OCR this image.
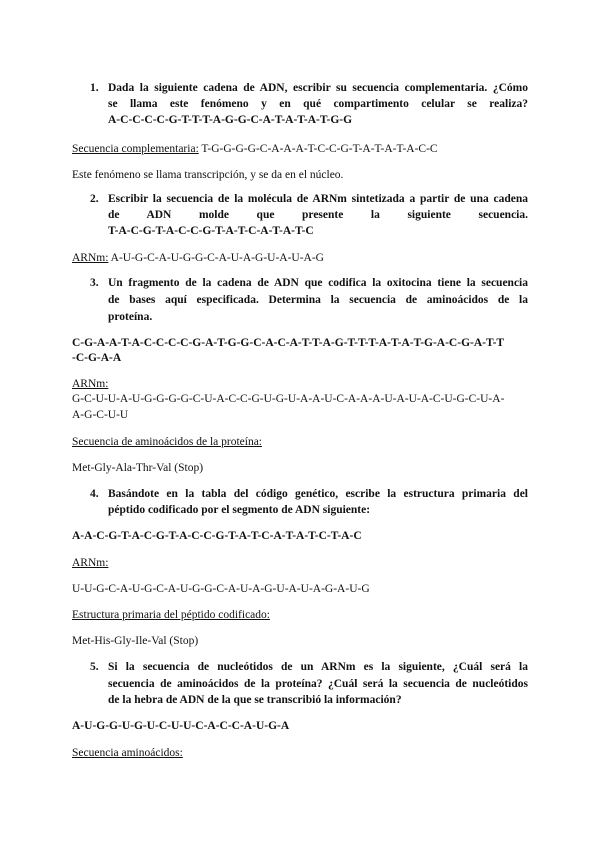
1. Dada la siguiente cadena de ADN, escribir su secuencia complementaria. ¿Cómo
se llama este fenómeno y en qué compartimento celular se realiza?
A-C-C-C-C-G-T-T-T-A-G-G-C-A-T-A-T-A-T-G-G
Secuencia complementaria: T-G-G-G-G-C-A-A-A-T-C-C-G-T-A-T-A-T-A-C-C
Este fenómeno se llama transcripción, y se da en el núcleo.
2. Escribir la secuencia de la molécula de ARNm sintetizada a partir de una cadena
de ADN molde que presente la siguiente secuencia.
T-A-C-G-T-A-C-C-G-T-A-T-C-A-T-A-T-C
ARNm: A-U-G-C-A-U-G-G-C-A-U-A-G-U-A-U-A-G
3. Un fragmento de la cadena de ADN que codifica la oxitocina tiene la secuencia
de bases aquí especificada. Determina la secuencia de aminoácidos de la
proteína.
C-G-A-A-T-A-C-C-C-C-G-A-T-G-G-C-A-C-A-T-T-A-G-T-T-T-A-T-A-T-G-A-C-G-A-T-T
-C-G-A-A
ARNm:
G-C-U-U-A-U-G-G-G-G-C-U-A-C-C-G-U-G-U-A-A-U-C-A-A-A-U-A-U-A-C-U-G-C-U-A-
A-G-C-U-U
Secuencia de aminoácidos de la proteína:
Met-Gly-Ala-Thr-Val (Stop)
4. Basándote en la tabla del código genético, escribe la estructura primaria del
péptido codificado por el segmento de ADN siguiente:
A-A-C-G-T-A-C-G-T-A-C-C-G-T-A-T-C-A-T-A-T-C-T-A-C
ARNm:
U-U-G-C-A-U-G-C-A-U-G-G-C-A-U-A-G-U-A-U-A-G-A-U-G
Estructura primaria del péptido codificado:
Met-His-Gly-Ile-Val (Stop)
5. Si la secuencia de nucleótidos de un ARNm es la siguiente, ¿Cuál será la
secuencia de aminoácidos de la proteína? ¿Cuál será la secuencia de nucleótidos
de la hebra de ADN de la que se transcribió la información?
A-U-G-G-U-G-U-C-U-U-C-A-C-C-A-U-G-A
Secuencia aminoácidos:
